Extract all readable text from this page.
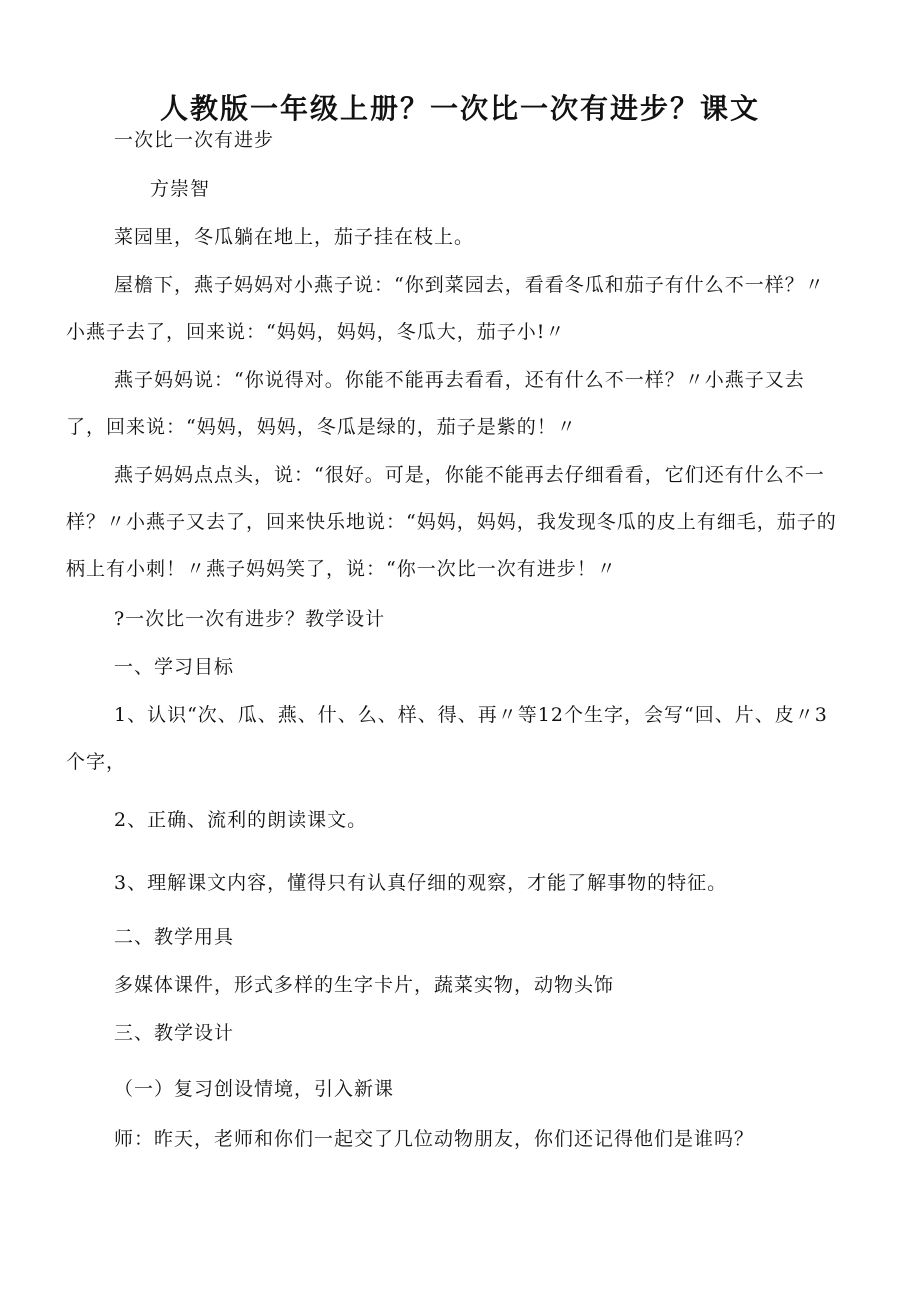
人教版一年级上册？一次比一次有进步？课文

一次比一次有进步

方崇智

菜园里，冬瓜躺在地上，茄子挂在枝上。

屋檐下，燕子妈妈对小燕子说：“你到菜园去，看看冬瓜和茄子有什么不一样？〃小燕子去了，回来说：“妈妈，妈妈，冬瓜大，茄子小!〃

燕子妈妈说：“你说得对。你能不能再去看看，还有什么不一样？〃小燕子又去了，回来说：“妈妈，妈妈，冬瓜是绿的，茄子是紫的！〃

燕子妈妈点点头，说：“很好。可是，你能不能再去仔细看看，它们还有什么不一样？〃小燕子又去了，回来快乐地说：“妈妈，妈妈，我发现冬瓜的皮上有细毛，茄子的柄上有小刺！〃燕子妈妈笑了，说：“你一次比一次有进步！〃

?一次比一次有进步？教学设计

一、学习目标

1、认识“次、瓜、燕、什、么、样、得、再〃等12个生字，会写“回、片、皮〃3个字，

2、正确、流利的朗读课文。

3、理解课文内容，懂得只有认真仔细的观察，才能了解事物的特征。

二、教学用具

多媒体课件，形式多样的生字卡片，蔬菜实物，动物头饰

三、教学设计

（一）复习创设情境，引入新课

师：昨天，老师和你们一起交了几位动物朋友，你们还记得他们是谁吗？
